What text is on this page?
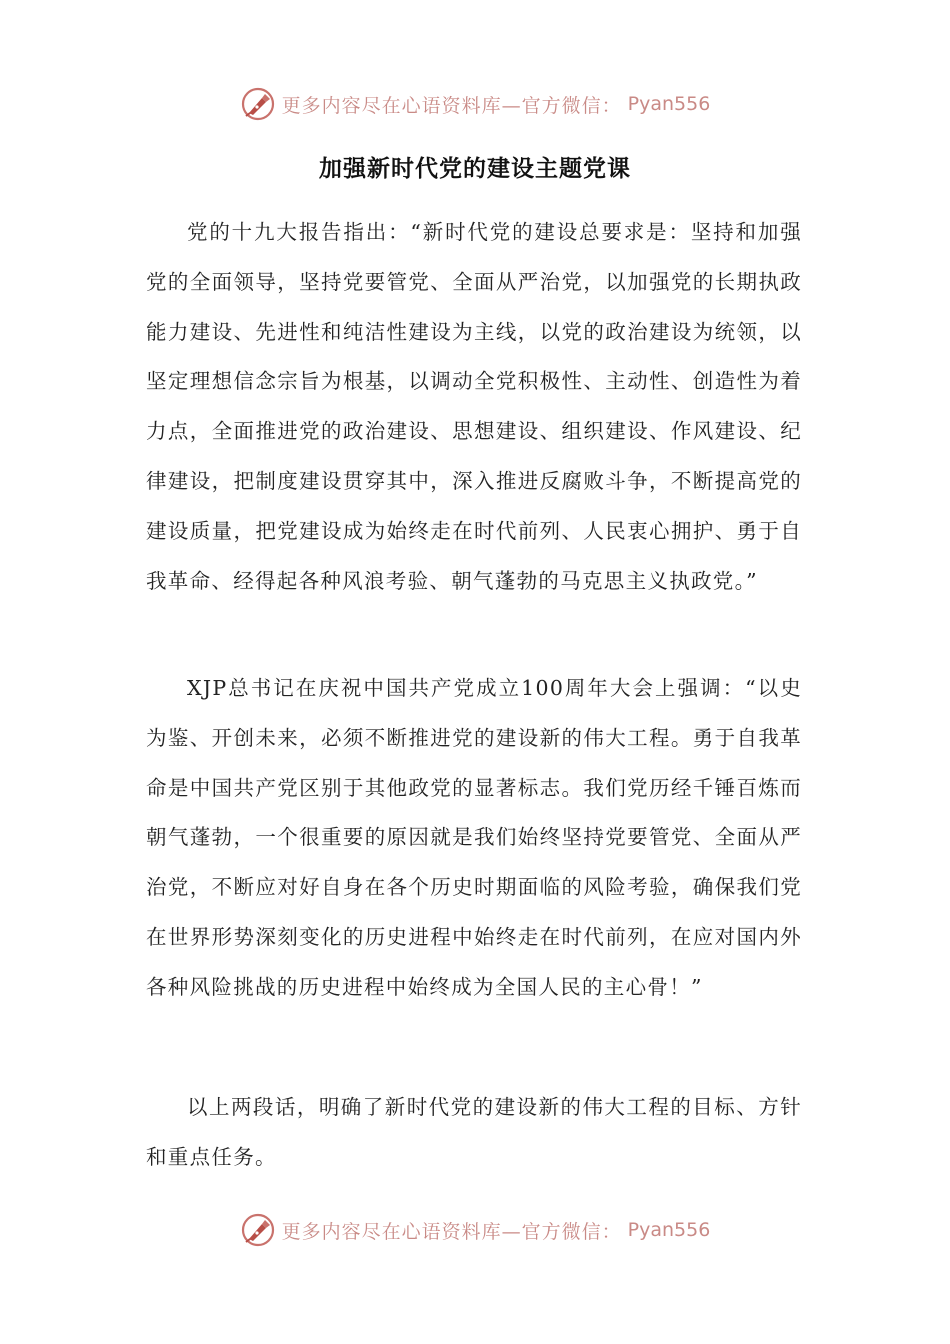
更多内容尽在心语资料库—官方微信： Pyan556
加强新时代党的建设主题党课

党的十九大报告指出：“新时代党的建设总要求是：坚持和加强党的全面领导，坚持党要管党、全面从严治党，以加强党的长期执政能力建设、先进性和纯洁性建设为主线，以党的政治建设为统领，以坚定理想信念宗旨为根基，以调动全党积极性、主动性、创造性为着力点，全面推进党的政治建设、思想建设、组织建设、作风建设、纪律建设，把制度建设贯穿其中，深入推进反腐败斗争，不断提高党的建设质量，把党建设成为始终走在时代前列、人民衷心拥护、勇于自我革命、经得起各种风浪考验、朝气蓬勃的马克思主义执政党。”

XJP总书记在庆祝中国共产党成立100周年大会上强调：“以史为鉴、开创未来，必须不断推进党的建设新的伟大工程。勇于自我革命是中国共产党区别于其他政党的显著标志。我们党历经千锤百炼而朝气蓬勃，一个很重要的原因就是我们始终坚持党要管党、全面从严治党，不断应对好自身在各个历史时期面临的风险考验，确保我们党在世界形势深刻变化的历史进程中始终走在时代前列，在应对国内外各种风险挑战的历史进程中始终成为全国人民的主心骨！”

以上两段话，明确了新时代党的建设新的伟大工程的目标、方针和重点任务。

更多内容尽在心语资料库—官方微信： Pyan556
